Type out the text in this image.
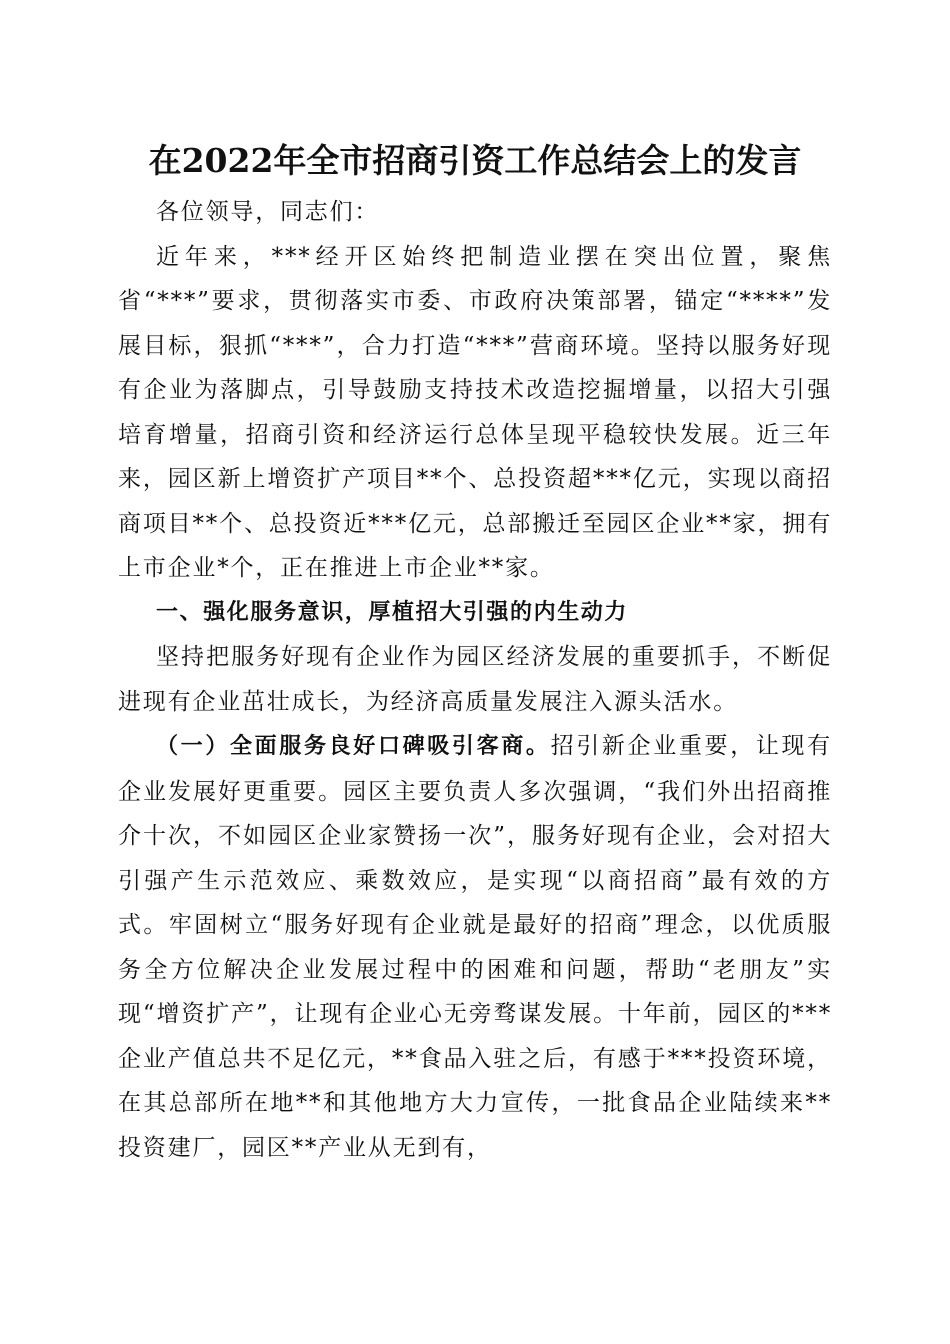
在2022年全市招商引资工作总结会上的发言

各位领导，同志们：

近年来，***经开区始终把制造业摆在突出位置，聚焦省“***”要求，贯彻落实市委、市政府决策部署，锚定“****”发展目标，狠抓“***”，合力打造“***”营商环境。坚持以服务好现有企业为落脚点，引导鼓励支持技术改造挖掘增量，以招大引强培育增量，招商引资和经济运行总体呈现平稳较快发展。近三年来，园区新上增资扩产项目**个、总投资超***亿元，实现以商招商项目**个、总投资近***亿元，总部搬迁至园区企业**家，拥有上市企业*个，正在推进上市企业**家。

一、强化服务意识，厚植招大引强的内生动力

坚持把服务好现有企业作为园区经济发展的重要抓手，不断促进现有企业茁壮成长，为经济高质量发展注入源头活水。

（一）全面服务良好口碑吸引客商。招引新企业重要，让现有企业发展好更重要。园区主要负责人多次强调，“我们外出招商推介十次，不如园区企业家赞扬一次”，服务好现有企业，会对招大引强产生示范效应、乘数效应，是实现“以商招商”最有效的方式。牢固树立“服务好现有企业就是最好的招商”理念，以优质服务全方位解决企业发展过程中的困难和问题，帮助“老朋友”实现“增资扩产”，让现有企业心无旁骛谋发展。十年前，园区的***企业产值总共不足亿元，**食品入驻之后，有感于***投资环境，在其总部所在地**和其他地方大力宣传，一批食品企业陆续来**投资建厂，园区**产业从无到有，
